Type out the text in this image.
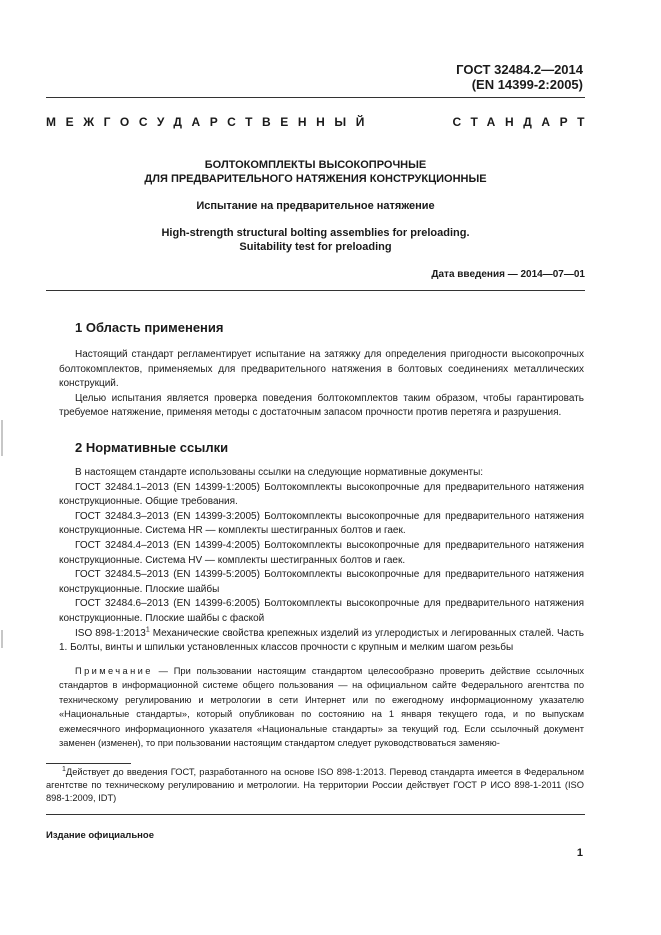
ГОСТ 32484.2—2014
(EN 14399-2:2005)
МЕЖГОСУДАРСТВЕННЫЙ	СТАНДАРТ
БОЛТОКОМПЛЕКТЫ ВЫСОКОПРОЧНЫЕ
ДЛЯ ПРЕДВАРИТЕЛЬНОГО НАТЯЖЕНИЯ КОНСТРУКЦИОННЫЕ
Испытание на предварительное натяжение
High-strength structural bolting assemblies for preloading.
Suitability test for preloading
Дата введения — 2014—07—01
1 Область применения

Настоящий стандарт регламентирует испытание на затяжку для определения пригодности высокопрочных болтокомплектов, применяемых для предварительного натяжения в болтовых соединениях металлических конструкций.

Целью испытания является проверка поведения болтокомплектов таким образом, чтобы гарантировать требуемое натяжение, применяя методы с достаточным запасом прочности против перетяга и разрушения.

2 Нормативные ссылки

В настоящем стандарте использованы ссылки на следующие нормативные документы:

ГОСТ 32484.1–2013 (EN 14399-1:2005) Болтокомплекты высокопрочные для предварительного натяжения конструкционные. Общие требования.

ГОСТ 32484.3–2013 (EN 14399-3:2005) Болтокомплекты высокопрочные для предварительного натяжения конструкционные. Система HR — комплекты шестигранных болтов и гаек.

ГОСТ 32484.4–2013 (EN 14399-4:2005) Болтокомплекты высокопрочные для предварительного натяжения конструкционные. Система HV — комплекты шестигранных болтов и гаек.

ГОСТ 32484.5–2013 (EN 14399-5:2005) Болтокомплекты высокопрочные для предварительного натяжения конструкционные. Плоские шайбы

ГОСТ 32484.6–2013 (EN 14399-6:2005) Болтокомплекты высокопрочные для предварительного натяжения конструкционные. Плоские шайбы с фаской

ISO 898-1:2013$^1$ Механические свойства крепежных изделий из углеродистых и легированных сталей. Часть 1. Болты, винты и шпильки установленных классов прочности с крупным и мелким шагом резьбы

Примечание — При пользовании настоящим стандартом целесообразно проверить действие ссылочных стандартов в информационной системе общего пользования — на официальном сайте Федерального агентства по техническому регулированию и метрологии в сети Интернет или по ежегодному информационному указателю «Национальные стандарты», который опубликован по состоянию на 1 января текущего года, и по выпускам ежемесячного информационного указателя «Национальные стандарты» за текущий год. Если ссылочный документ заменен (изменен), то при пользовании настоящим стандартом следует руководствоваться заменяю-

$^1$Действует до введения ГОСТ, разработанного на основе ISO 898-1:2013. Перевод стандарта имеется в Федеральном агентстве по техническому регулированию и метрологии. На территории России действует ГОСТ Р ИСО 898-1-2011 (ISO 898-1:2009, IDT)
Издание официальное
1
